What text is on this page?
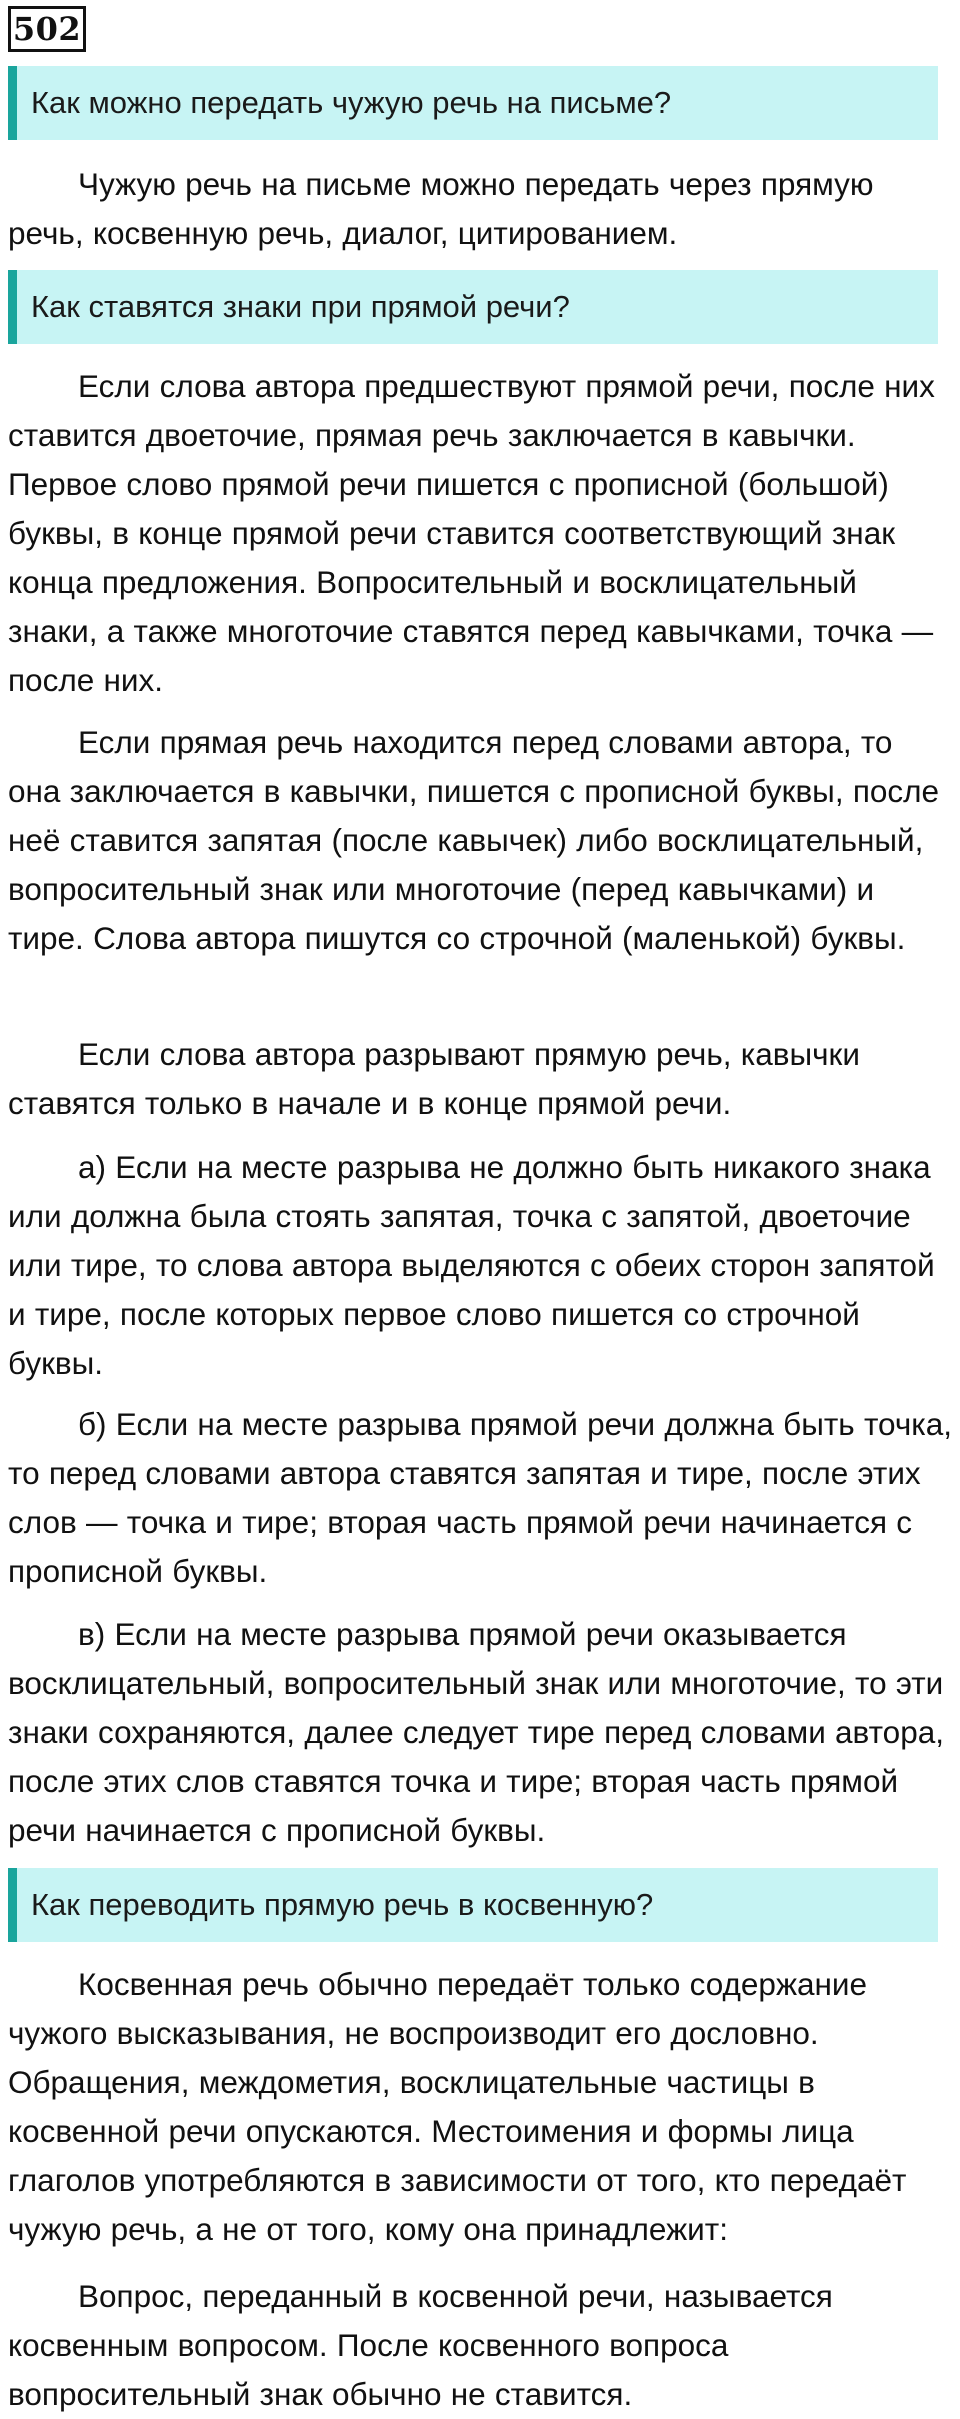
502
Как можно передать чужую речь на письме?

Чужую речь на письме можно передать через прямую речь, косвенную речь, диалог, цитированием.

Как ставятся знаки при прямой речи?

Если слова автора предшествуют прямой речи, после них ставится двоеточие, прямая речь заключается в кавычки. Первое слово прямой речи пишется с прописной (большой) буквы, в конце прямой речи ставится соответствующий знак конца предложения. Вопросительный и восклицательный знаки, а также многоточие ставятся перед кавычками, точка — после них.

Если прямая речь находится перед словами автора, то она заключается в кавычки, пишется с прописной буквы, после неё ставится запятая (после кавычек) либо восклицательный, вопросительный знак или многоточие (перед кавычками) и тире. Слова автора пишутся со строчной (маленькой) буквы.

Если слова автора разрывают прямую речь, кавычки ставятся только в начале и в конце прямой речи.

а) Если на месте разрыва не должно быть никакого знака или должна была стоять запятая, точка с запятой, двоеточие или тире, то слова автора выделяются с обеих сторон запятой и тире, после которых первое слово пишется со строчной буквы.

б) Если на месте разрыва прямой речи должна быть точка, то перед словами автора ставятся запятая и тире, после этих слов — точка и тире; вторая часть прямой речи начинается с прописной буквы.

в) Если на месте разрыва прямой речи оказывается восклицательный, вопросительный знак или многоточие, то эти знаки сохраняются, далее следует тире перед словами автора, после этих слов ставятся точка и тире; вторая часть прямой речи начинается с прописной буквы.

Как переводить прямую речь в косвенную?

Косвенная речь обычно передаёт только содержание чужого высказывания, не воспроизводит его дословно. Обращения, междометия, восклицательные частицы в косвенной речи опускаются. Местоимения и формы лица глаголов употребляются в зависимости от того, кто передаёт чужую речь, а не от того, кому она принадлежит:

Вопрос, переданный в косвенной речи, называется косвенным вопросом. После косвенного вопроса вопросительный знак обычно не ставится.
